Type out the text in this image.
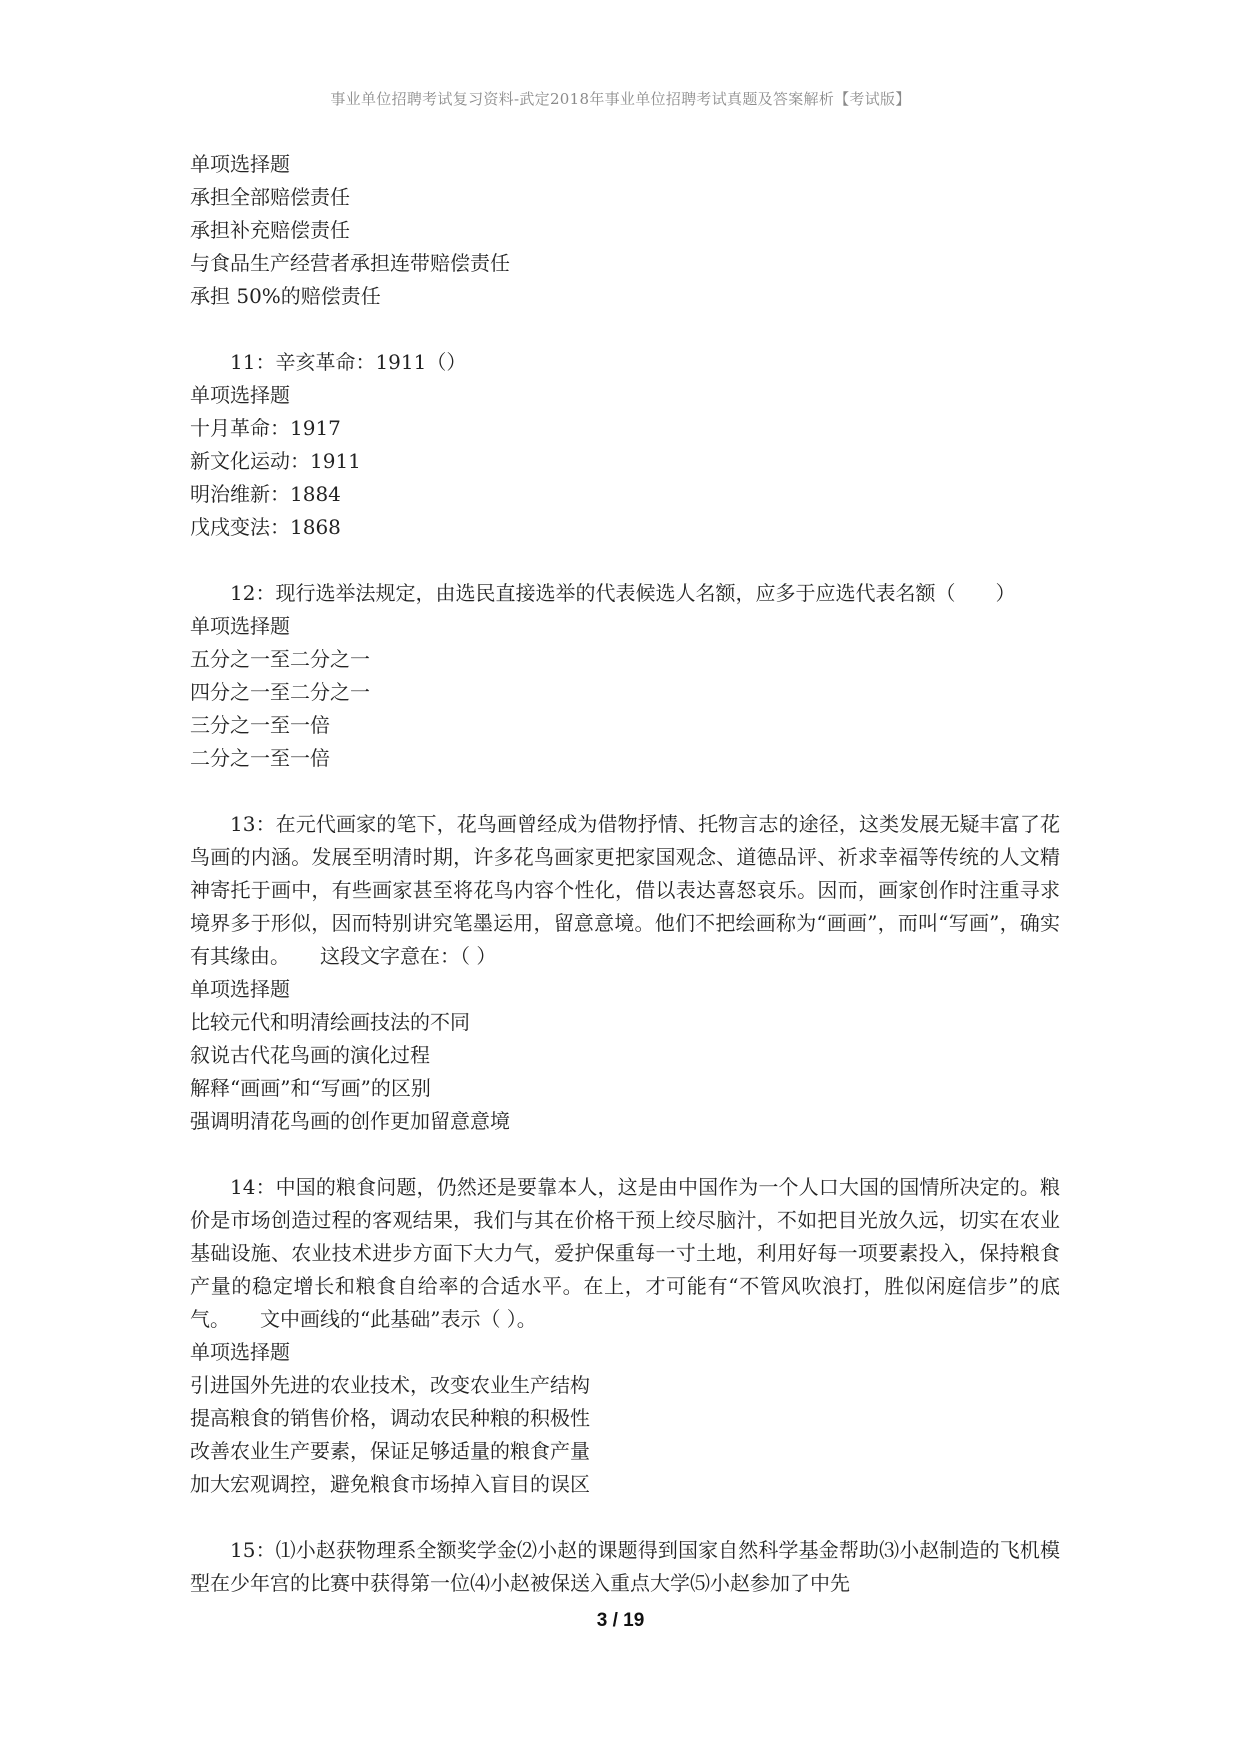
事业单位招聘考试复习资料-武定2018年事业单位招聘考试真题及答案解析【考试版】
单项选择题
承担全部赔偿责任
承担补充赔偿责任
与食品生产经营者承担连带赔偿责任
承担 50%的赔偿责任
11：辛亥革命：1911（）
单项选择题
十月革命：1917
新文化运动：1911
明治维新：1884
戊戌变法：1868
12：现行选举法规定，由选民直接选举的代表候选人名额，应多于应选代表名额（　　）
单项选择题
五分之一至二分之一
四分之一至二分之一
三分之一至一倍
二分之一至一倍
13：在元代画家的笔下，花鸟画曾经成为借物抒情、托物言志的途径，这类发展无疑丰富了花鸟画的内涵。发展至明清时期，许多花鸟画家更把家国观念、道德品评、祈求幸福等传统的人文精神寄托于画中，有些画家甚至将花鸟内容个性化，借以表达喜怒哀乐。因而，画家创作时注重寻求境界多于形似，因而特别讲究笔墨运用，留意意境。他们不把绘画称为“画画”，而叫“写画”，确实有其缘由。　　这段文字意在：（ ）
单项选择题
比较元代和明清绘画技法的不同
叙说古代花鸟画的演化过程
解释“画画”和“写画”的区别
强调明清花鸟画的创作更加留意意境
14：中国的粮食问题，仍然还是要靠本人，这是由中国作为一个人口大国的国情所决定的。粮价是市场创造过程的客观结果，我们与其在价格干预上绞尽脑汁，不如把目光放久远，切实在农业基础设施、农业技术进步方面下大力气，爱护保重每一寸土地，利用好每一项要素投入，保持粮食产量的稳定增长和粮食自给率的合适水平。在上，才可能有“不管风吹浪打，胜似闲庭信步”的底气。　　文中画线的“此基础”表示（ ）。
单项选择题
引进国外先进的农业技术，改变农业生产结构
提高粮食的销售价格，调动农民种粮的积极性
改善农业生产要素，保证足够适量的粮食产量
加大宏观调控，避免粮食市场掉入盲目的误区
15：⑴小赵获物理系全额奖学金⑵小赵的课题得到国家自然科学基金帮助⑶小赵制造的飞机模型在少年宫的比赛中获得第一位⑷小赵被保送入重点大学⑸小赵参加了中先
3 / 19
